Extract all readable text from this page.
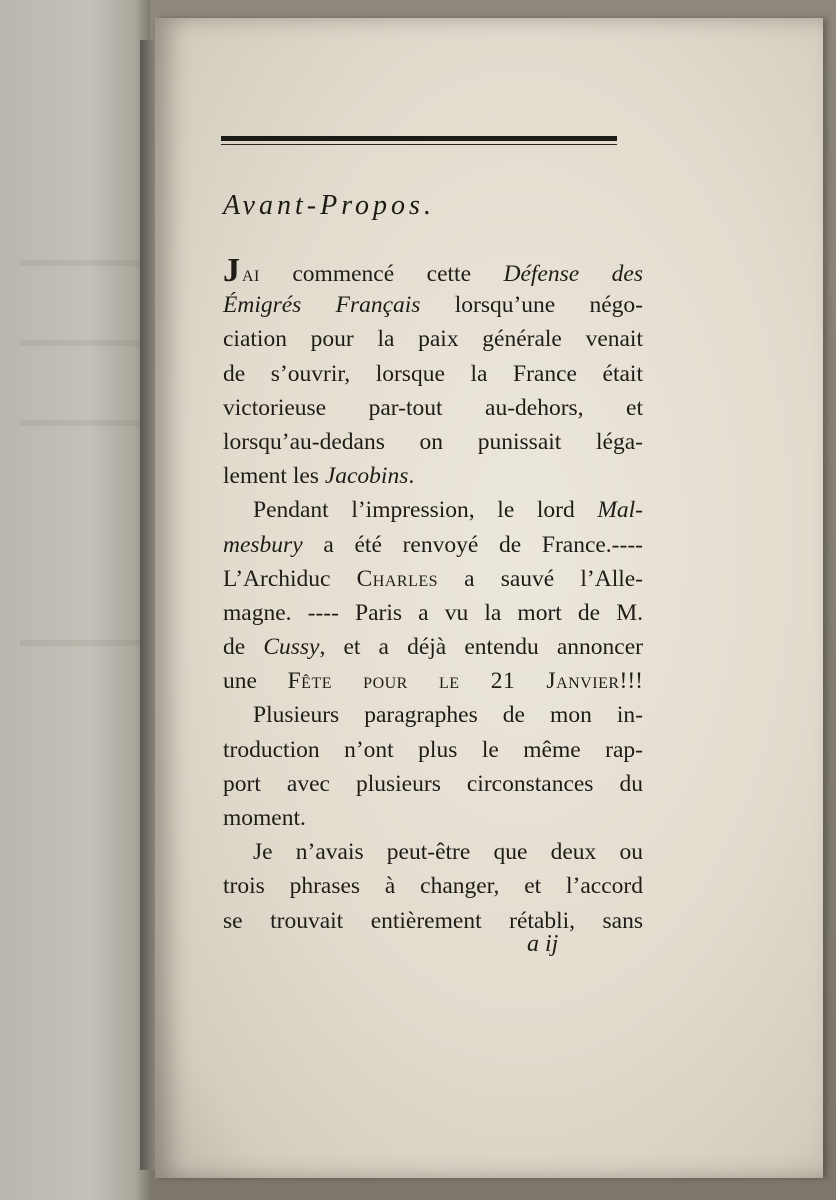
Avant-Propos.
Jai commencé cette Défense des
Émigrés Français lorsqu’une négo-
ciation pour la paix générale venait
de s’ouvrir, lorsque la France était
victorieuse par-tout au-dehors, et
lorsqu’au-dedans on punissait léga-
lement les Jacobins.
Pendant l’impression, le lord Mal-
mesbury a été renvoyé de France.----
L’Archiduc Charles a sauvé l’Alle-
magne. ---- Paris a vu la mort de M.
de Cussy, et a déjà entendu annoncer
une Fête pour le 21 Janvier!!!
Plusieurs paragraphes de mon in-
troduction n’ont plus le même rap-
port avec plusieurs circonstances du
moment.
Je n’avais peut-être que deux ou
trois phrases à changer, et l’accord
se trouvait entièrement rétabli, sans
a ij
